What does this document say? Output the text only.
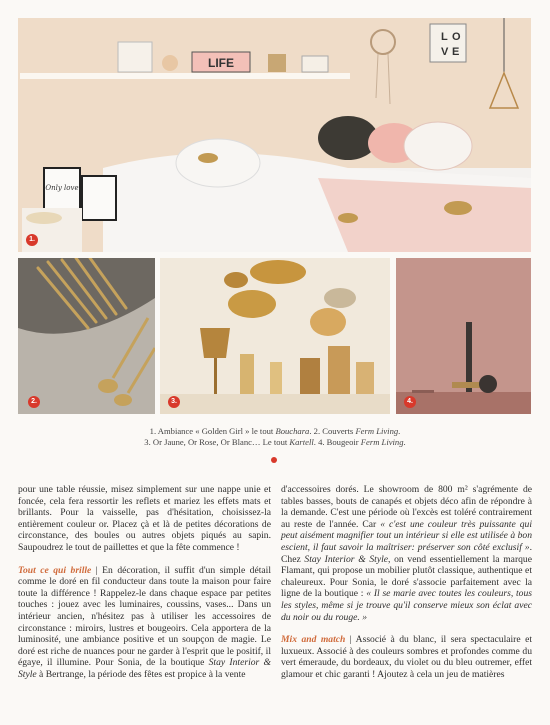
LIFE
L O
V E
Only love
1.
2.	3.	4.
1. Ambiance « Golden Girl » le tout Bouchara. 2. Couverts Ferm Living.
3. Or Jaune, Or Rose, Or Blanc… Le tout Kartell. 4. Bougeoir Ferm Living.

pour une table réussie, misez simplement sur une nappe unie et foncée, cela fera ressortir les reflets et mariez les effets mats et brillants. Pour la vaisselle, pas d'hésitation, choisissez-la entièrement couleur or. Placez çà et là de petites décorations de circonstance, des boules ou autres objets piqués au sapin. Saupoudrez le tout de paillettes et que la fête commence !

Tout ce qui brille | En décoration, il suffit d'un simple détail comme le doré en fil conducteur dans toute la maison pour faire toute la différence ! Rappelez-le dans chaque espace par petites touches : jouez avec les luminaires, coussins, vases... Dans un intérieur ancien, n'hésitez pas à utiliser les accessoires de circonstance : miroirs, lustres et bougeoirs. Cela apportera de la luminosité, une ambiance positive et un soupçon de magie. Le doré est riche de nuances pour ne garder à l'esprit que le positif, il égaye, il illumine. Pour Sonia, de la boutique Stay Interior & Style à Bertrange, la période des fêtes est propice à la vente

d'accessoires dorés. Le showroom de 800 m² s'agrémente de tables basses, bouts de canapés et objets déco afin de répondre à la demande. C'est une période où l'excès est toléré contrairement au reste de l'année. Car « c'est une couleur très puissante qui peut aisément magnifier tout un intérieur si elle est utilisée à bon escient, il faut savoir la maîtriser: préserver son côté exclusif ». Chez Stay Interior & Style, on vend essentiellement la marque Flamant, qui propose un mobilier plutôt classique, authentique et chaleureux. Pour Sonia, le doré s'associe parfaitement avec la ligne de la boutique : « Il se marie avec toutes les couleurs, tous les styles, même si je trouve qu'il conserve mieux son éclat avec du noir ou du rouge. »

Mix and match | Associé à du blanc, il sera spectaculaire et luxueux. Associé à des couleurs sombres et profondes comme du vert émeraude, du bordeaux, du violet ou du bleu outremer, effet glamour et chic garanti ! Ajoutez à cela un jeu de matières
